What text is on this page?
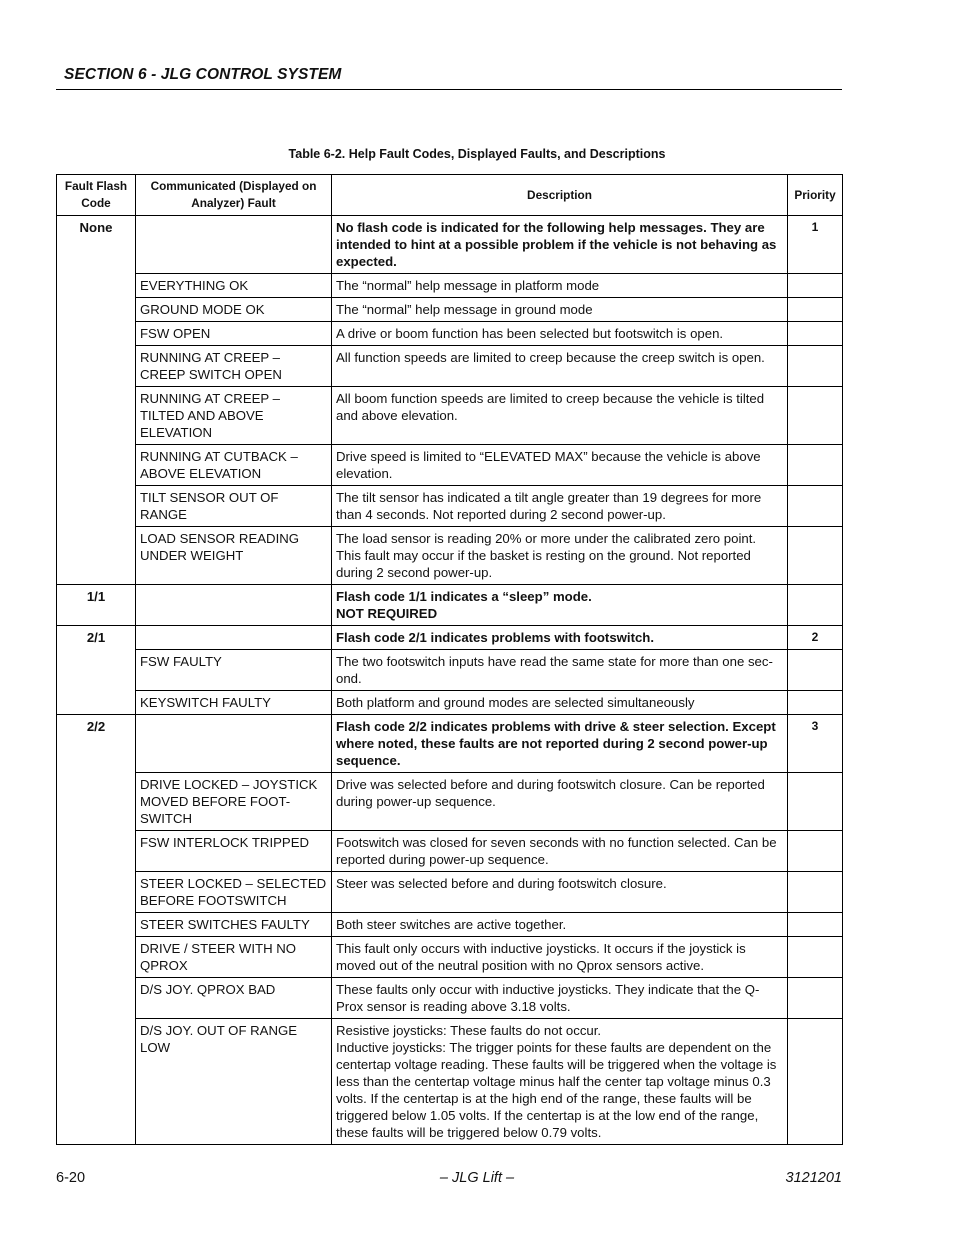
SECTION 6 - JLG CONTROL SYSTEM
Table 6-2. Help Fault Codes, Displayed Faults, and Descriptions
Fault Flash
Code	Communicated (Displayed on
Analyzer) Fault	Description	Priority
None		No flash code is indicated for the following help messages. They are intended to hint at a possible problem if the vehicle is not behaving as expected.	1
	EVERYTHING OK	The “normal” help message in platform mode	

	GROUND MODE OK	The “normal” help message in ground mode	

	FSW OPEN	A drive or boom function has been selected but footswitch is open.	

	RUNNING AT CREEP – CREEP SWITCH OPEN	All function speeds are limited to creep because the creep switch is open.	

	RUNNING AT CREEP – TILTED AND ABOVE ELEVATION	All boom function speeds are limited to creep because the vehicle is tilted and above elevation.	

	RUNNING AT CUTBACK – ABOVE ELEVATION	Drive speed is limited to “ELEVATED MAX” because the vehicle is above elevation.	

	TILT SENSOR OUT OF RANGE	The tilt sensor has indicated a tilt angle greater than 19 degrees for more than 4 seconds. Not reported during 2 second power-up.	

	LOAD SENSOR READING UNDER WEIGHT	The load sensor is reading 20% or more under the calibrated zero point. This fault may occur if the basket is resting on the ground. Not reported during 2 second power-up.	

1/1		Flash code 1/1 indicates a “sleep” mode.
NOT REQUIRED	

2/1		Flash code 2/1 indicates problems with footswitch.	2
	FSW FAULTY	The two footswitch inputs have read the same state for more than one sec-ond.	

	KEYSWITCH FAULTY	Both platform and ground modes are selected simultaneously	

2/2		Flash code 2/2 indicates problems with drive & steer selection. Except where noted, these faults are not reported during 2 second power-up sequence.	3
	DRIVE LOCKED – JOYSTICK MOVED BEFORE FOOT-SWITCH	Drive was selected before and during footswitch closure. Can be reported during power-up sequence.	

	FSW INTERLOCK TRIPPED	Footswitch was closed for seven seconds with no function selected. Can be reported during power-up sequence.	

	STEER LOCKED – SELECTED BEFORE FOOTSWITCH	Steer was selected before and during footswitch closure.	

	STEER SWITCHES FAULTY	Both steer switches are active together.	

	DRIVE / STEER WITH NO QPROX	This fault only occurs with inductive joysticks. It occurs if the joystick is moved out of the neutral position with no Qprox sensors active.	

	D/S JOY. QPROX BAD	These faults only occur with inductive joysticks. They indicate that the Q-Prox sensor is reading above 3.18 volts.	

	D/S JOY. OUT OF RANGE LOW	Resistive joysticks: These faults do not occur.
Inductive joysticks: The trigger points for these faults are dependent on the centertap voltage reading. These faults will be triggered when the voltage is less than the centertap voltage minus half the center tap voltage minus 0.3 volts. If the centertap is at the high end of the range, these faults will be triggered below 1.05 volts. If the centertap is at the low end of the range, these faults will be triggered below 0.79 volts.	

6-20	– JLG Lift –	3121201
